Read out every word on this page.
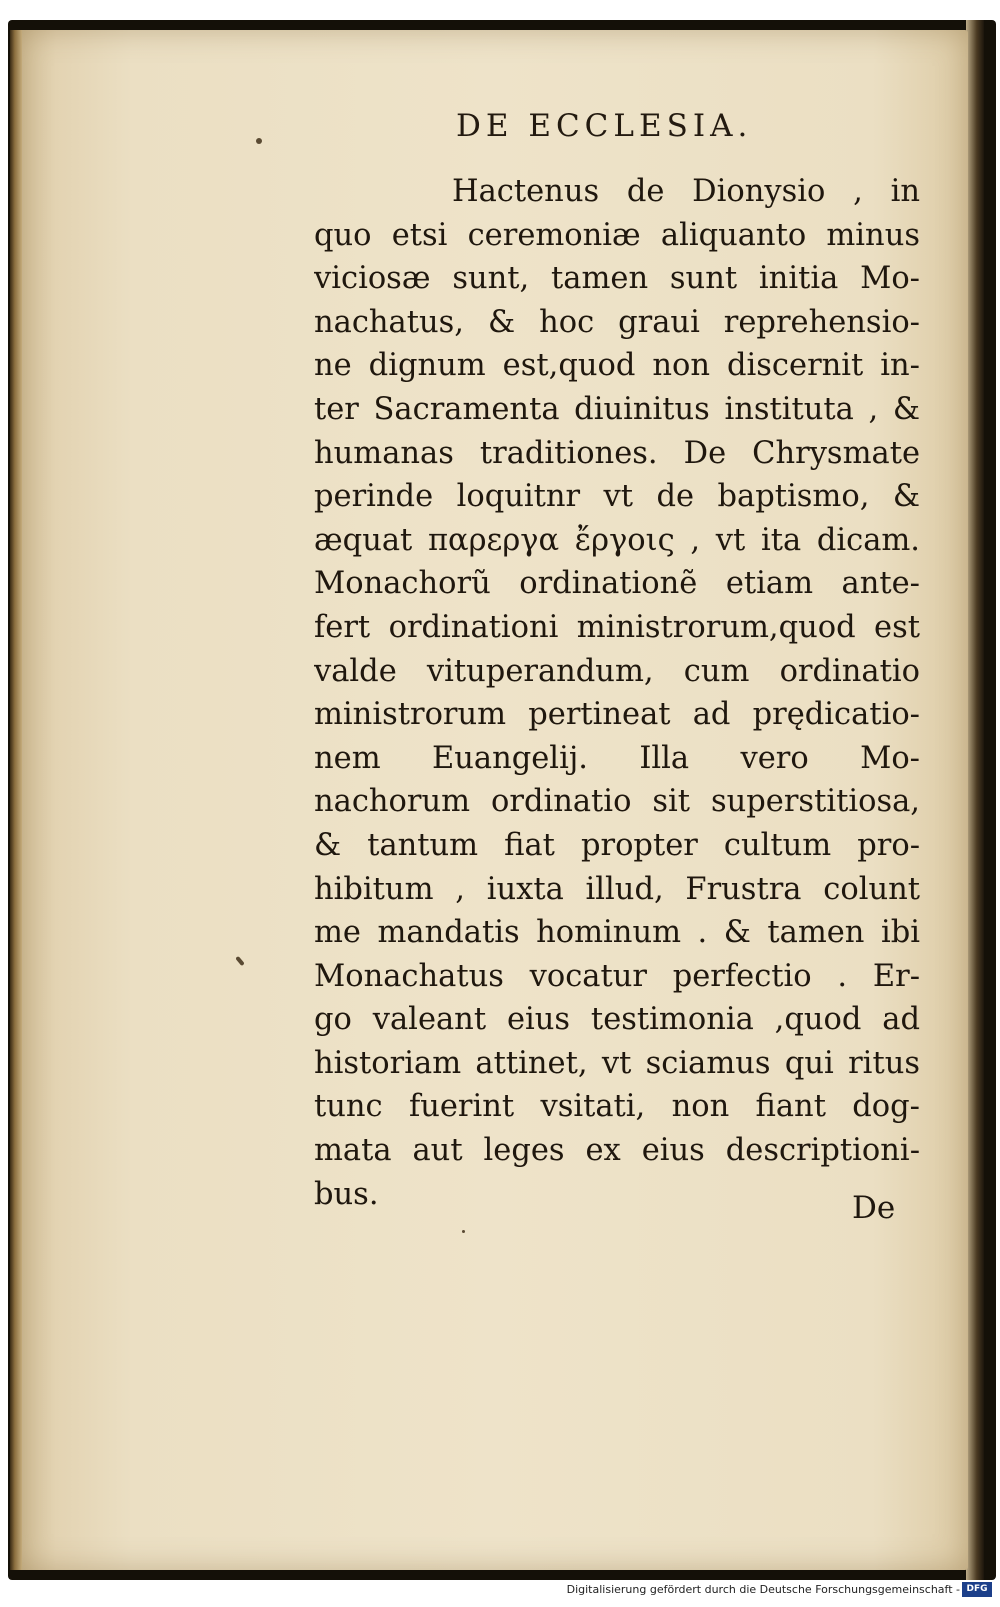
DE ECCLESIA.
Hactenus de Dionysio , in
quo etsi ceremoniæ aliquanto minus
viciosæ sunt, tamen sunt initia Mo-
nachatus, & hoc graui reprehensio-
ne dignum est,quod non discernit in-
ter Sacramenta diuinitus instituta , &
humanas traditiones. De Chrysmate
perinde loquitnr vt de baptismo, &
æquat παρεργα ἔργοις , vt ita dicam.
Monachorũ ordinationẽ etiam ante-
fert ordinationi ministrorum,quod est
valde vituperandum, cum ordinatio
ministrorum pertineat ad prędicatio-
nem Euangelij. Illa vero Mo-
nachorum ordinatio sit superstitiosa,
& tantum fiat propter cultum pro-
hibitum , iuxta illud, Frustra colunt
me mandatis hominum . & tamen ibi
Monachatus vocatur perfectio . Er-
go valeant eius testimonia ,quod ad
historiam attinet, vt sciamus qui ritus
tunc fuerint vsitati, non fiant dog-
mata aut leges ex eius descriptioni-
bus.	De
Digitalisierung gefördert durch die Deutsche Forschungsgemeinschaft - DFG
